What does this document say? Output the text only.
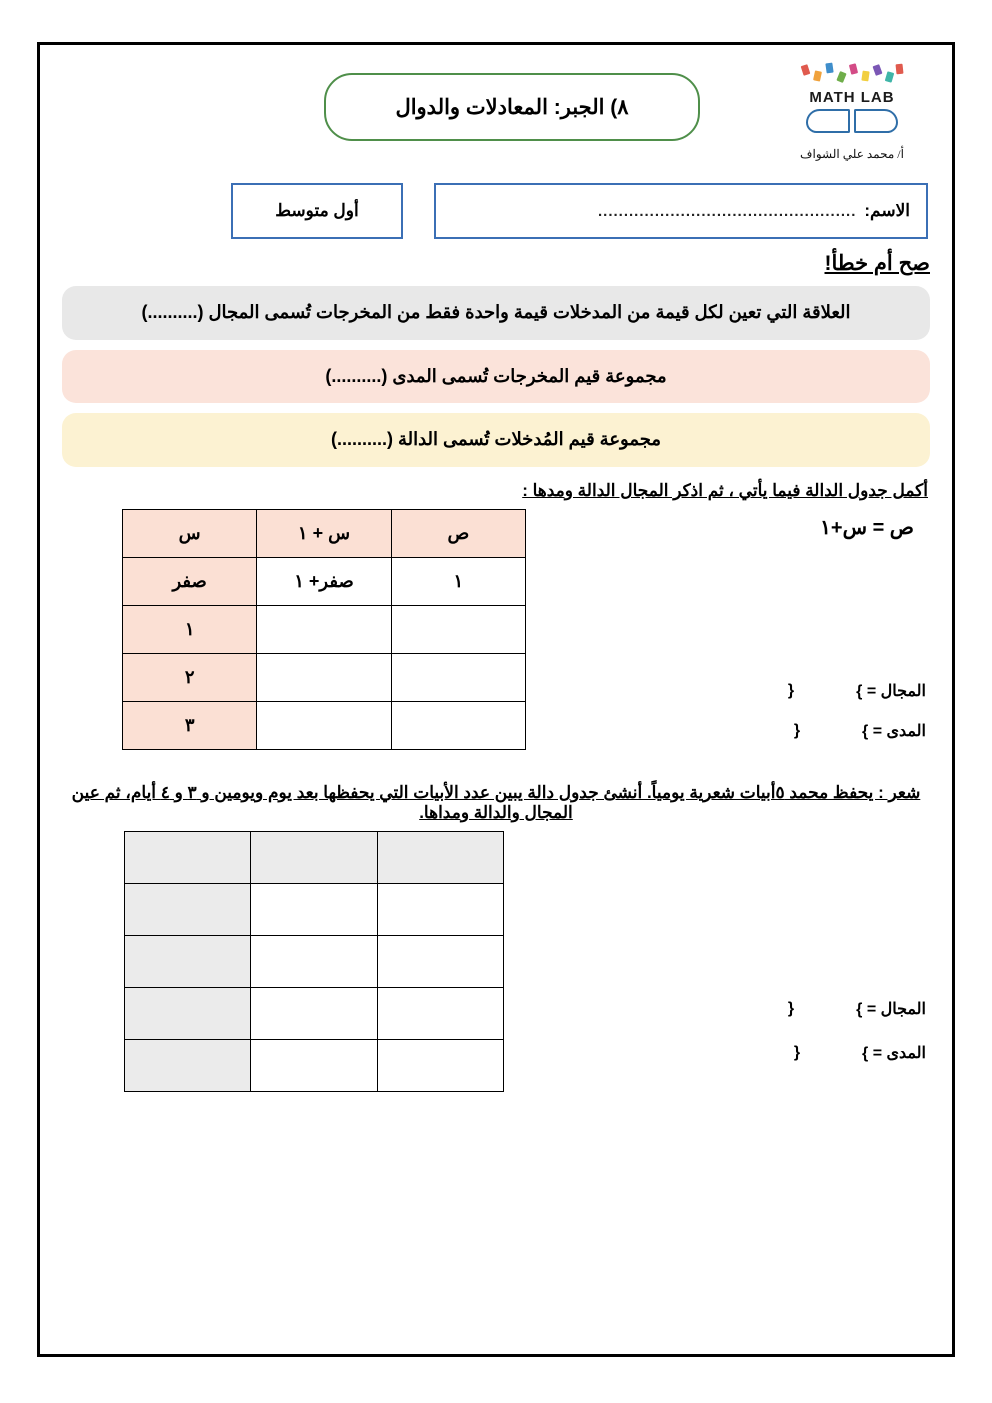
MATH LAB
أ/ محمد علي الشواف
٨) الجبر: المعادلات والدوال
الاسم:
..................................................
أول متوسط
صح أم خطأ!
العلاقة التي تعين لكل قيمة من المدخلات قيمة واحدة فقط من المخرجات تُسمى المجال (..........)
مجموعة قيم المخرجات تُسمى المدى (..........)
مجموعة قيم المُدخلات تُسمى الدالة (..........)
أكمل جدول الدالة فيما يأتي ، ثم اذكر المجال الدالة ومدها :
ص	س + ١	س
١	صفر+ ١	صفر
		١
		٢
		٣
ص = س+١
المجال = }
{
المدى = }
{
شعر : يحفظ محمد ٥أبيات شعرية يومياً. أنشئ جدول دالة يبين عدد الأبيات التي يحفظها بعد يوم ويومين و ٣ و ٤ أيام، ثم عين المجال والدالة ومداها.

المجال = }
{
المدى = }
{
